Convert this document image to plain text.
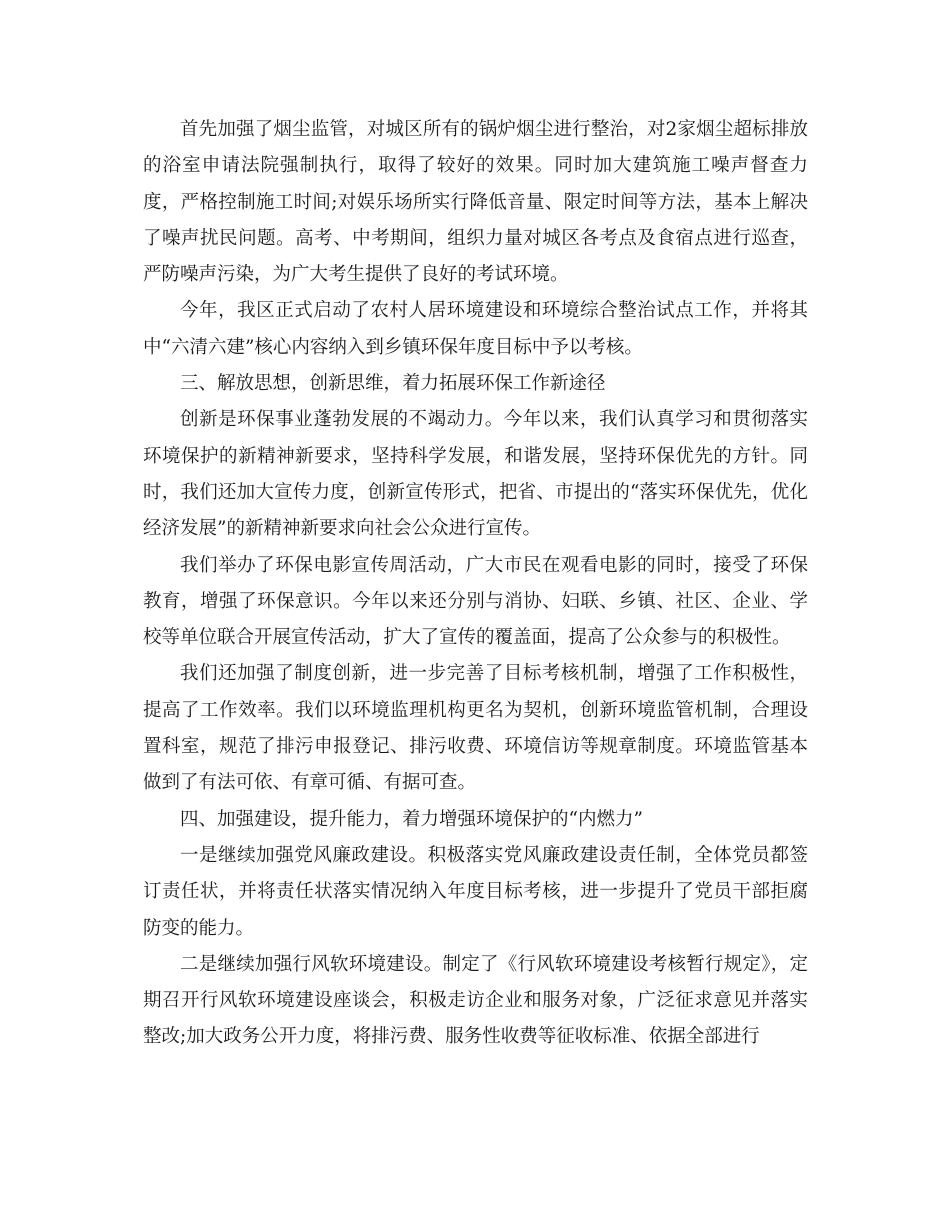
首先加强了烟尘监管，对城区所有的锅炉烟尘进行整治，对2家烟尘超标排放的浴室申请法院强制执行，取得了较好的效果。同时加大建筑施工噪声督查力度，严格控制施工时间;对娱乐场所实行降低音量、限定时间等方法，基本上解决了噪声扰民问题。高考、中考期间，组织力量对城区各考点及食宿点进行巡查，严防噪声污染，为广大考生提供了良好的考试环境。

今年，我区正式启动了农村人居环境建设和环境综合整治试点工作，并将其中“六清六建”核心内容纳入到乡镇环保年度目标中予以考核。

三、解放思想，创新思维，着力拓展环保工作新途径

创新是环保事业蓬勃发展的不竭动力。今年以来，我们认真学习和贯彻落实环境保护的新精神新要求，坚持科学发展，和谐发展，坚持环保优先的方针。同时，我们还加大宣传力度，创新宣传形式，把省、市提出的“落实环保优先，优化经济发展”的新精神新要求向社会公众进行宣传。

我们举办了环保电影宣传周活动，广大市民在观看电影的同时，接受了环保教育，增强了环保意识。今年以来还分别与消协、妇联、乡镇、社区、企业、学校等单位联合开展宣传活动，扩大了宣传的覆盖面，提高了公众参与的积极性。

我们还加强了制度创新，进一步完善了目标考核机制，增强了工作积极性，提高了工作效率。我们以环境监理机构更名为契机，创新环境监管机制，合理设置科室，规范了排污申报登记、排污收费、环境信访等规章制度。环境监管基本做到了有法可依、有章可循、有据可查。

四、加强建设，提升能力，着力增强环境保护的“内燃力”

一是继续加强党风廉政建设。积极落实党风廉政建设责任制，全体党员都签订责任状，并将责任状落实情况纳入年度目标考核，进一步提升了党员干部拒腐防变的能力。

二是继续加强行风软环境建设。制定了《行风软环境建设考核暂行规定》，定期召开行风软环境建设座谈会，积极走访企业和服务对象，广泛征求意见并落实整改;加大政务公开力度，将排污费、服务性收费等征收标准、依据全部进行
